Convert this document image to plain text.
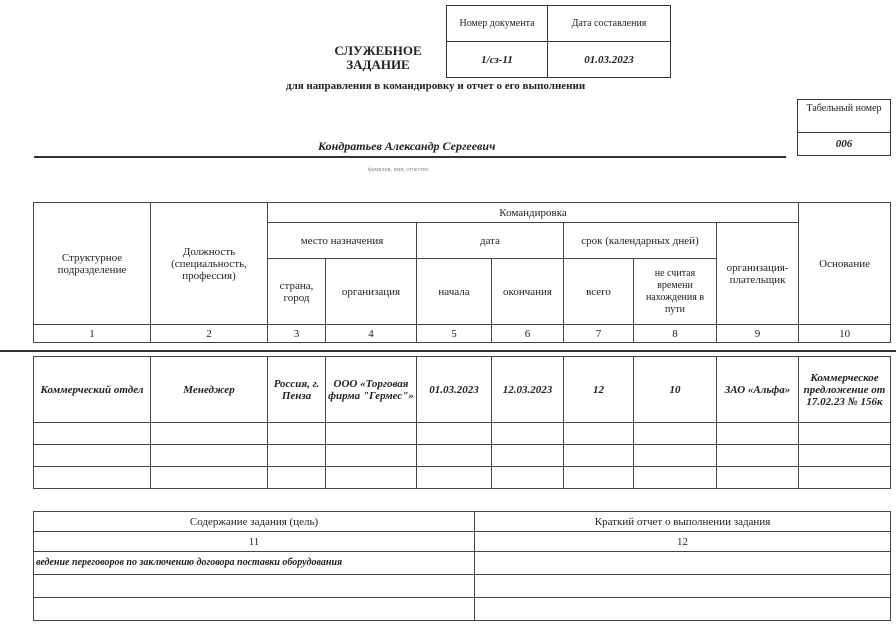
Номер документа	Дата составления
1/сз-11	01.03.2023
СЛУЖЕБНОЕ ЗАДАНИЕ
для направления в командировку и отчет о его выполнении
Табельный номер
006
Кондратьев Александр Сергеевич
фамилия, имя, отчество
Структурное подразделение	Должность (специальность, профессия)	Командировка							Основание
		место назначения		дата		срок (календарных дней)		организация-плательщик	
		страна, город	организация	начала	окончания	всего	не считая времени нахождения в пути		
1	2	3	4	5	6	7	8	9	10
Коммерческий отдел	Менеджер	Россия, г. Пенза	ООО «Торговая фирма "Гермес"»	01.03.2023	12.03.2023	12	10	ЗАО «Альфа»	Коммерческое предложение от 17.02.23 № 156к

Содержание задания (цель)	Краткий отчет о выполнении задания
11	12
ведение переговоров по заключению договора поставки оборудования	
